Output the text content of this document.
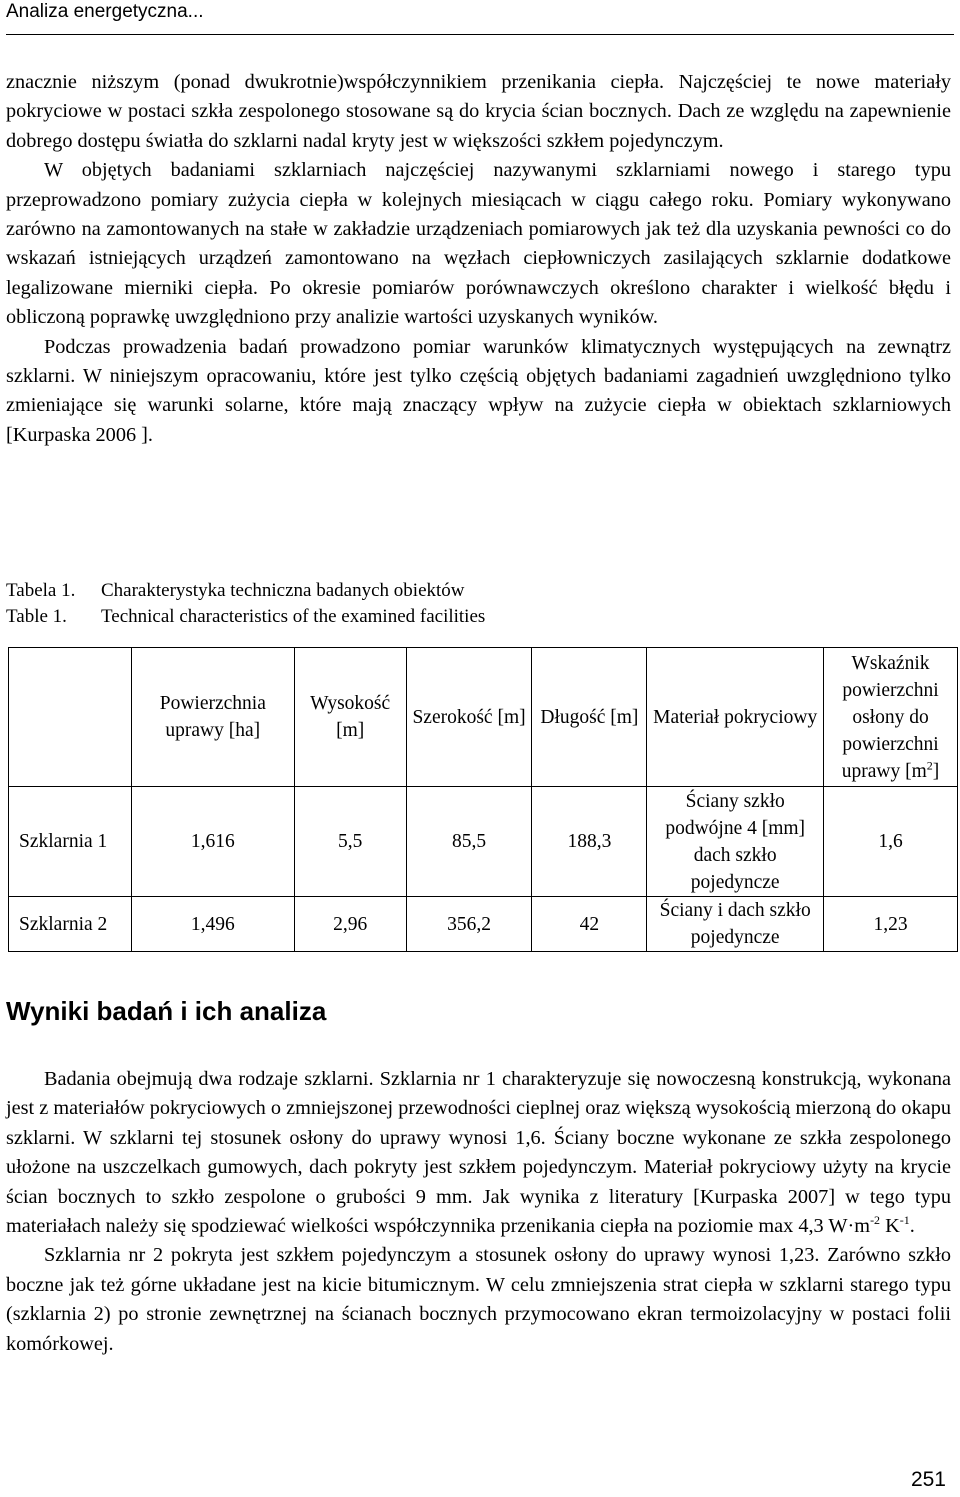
Analiza energetyczna...

znacznie niższym (ponad dwukrotnie)współczynnikiem przenikania ciepła. Najczęściej te nowe materiały pokryciowe w postaci szkła zespolonego stosowane są do krycia ścian bocznych. Dach ze względu na zapewnienie dobrego dostępu światła do szklarni nadal kryty jest w większości szkłem pojedynczym.

W objętych badaniami szklarniach najczęściej nazywanymi szklarniami nowego i starego typu przeprowadzono pomiary zużycia ciepła w kolejnych miesiącach w ciągu całego roku. Pomiary wykonywano zarówno na zamontowanych na stałe w zakładzie urządzeniach pomiarowych jak też dla uzyskania pewności co do wskazań istniejących urządzeń zamontowano na węzłach ciepłowniczych zasilających szklarnie dodatkowe legalizowane mierniki ciepła. Po okresie pomiarów porównawczych określono charakter i wielkość błędu i obliczoną poprawkę uwzględniono przy analizie wartości uzyskanych wyników.

Podczas prowadzenia badań prowadzono pomiar warunków klimatycznych występujących na zewnątrz szklarni. W niniejszym opracowaniu, które jest tylko częścią objętych badaniami zagadnień uwzględniono tylko zmieniające się warunki solarne, które mają znaczący wpływ na zużycie ciepła w obiektach szklarniowych [Kurpaska 2006 ].

Tabela 1. Charakterystyka techniczna badanych obiektów
Table 1. Technical characteristics of the examined facilities
	Powierzchnia uprawy [ha]	Wysokość [m]	Szerokość [m]	Długość [m]	Materiał pokryciowy	Wskaźnik powierzchni osłony do powierzchni uprawy $[m^2]$
Szklarnia 1	1,616	5,5	85,5	188,3	Ściany szkło podwójne 4 [mm] dach szkło pojedyncze	1,6
Szklarnia 2	1,496	2,96	356,2	42	Ściany i dach szkło pojedyncze	1,23
Wyniki badań i ich analiza

Badania obejmują dwa rodzaje szklarni. Szklarnia nr 1 charakteryzuje się nowoczesną konstrukcją, wykonana jest z materiałów pokryciowych o zmniejszonej przewodności cieplnej oraz większą wysokością mierzoną do okapu szklarni. W szklarni tej stosunek osłony do uprawy wynosi 1,6. Ściany boczne wykonane ze szkła zespolonego ułożone na uszczelkach gumowych, dach pokryty jest szkłem pojedynczym. Materiał pokryciowy użyty na krycie ścian bocznych to szkło zespolone o grubości 9 mm. Jak wynika z literatury [Kurpaska 2007] w tego typu materiałach należy się spodziewać wielkości współczynnika przenikania ciepła na poziomie max 4,3 $W\cdot m^{-2}$ $K^{-1}$.

Szklarnia nr 2 pokryta jest szkłem pojedynczym a stosunek osłony do uprawy wynosi 1,23. Zarówno szkło boczne jak też górne układane jest na kicie bitumicznym. W celu zmniejszenia strat ciepła w szklarni starego typu (szklarnia 2) po stronie zewnętrznej na ścianach bocznych przymocowano ekran termoizolacyjny w postaci folii komórkowej.

251
